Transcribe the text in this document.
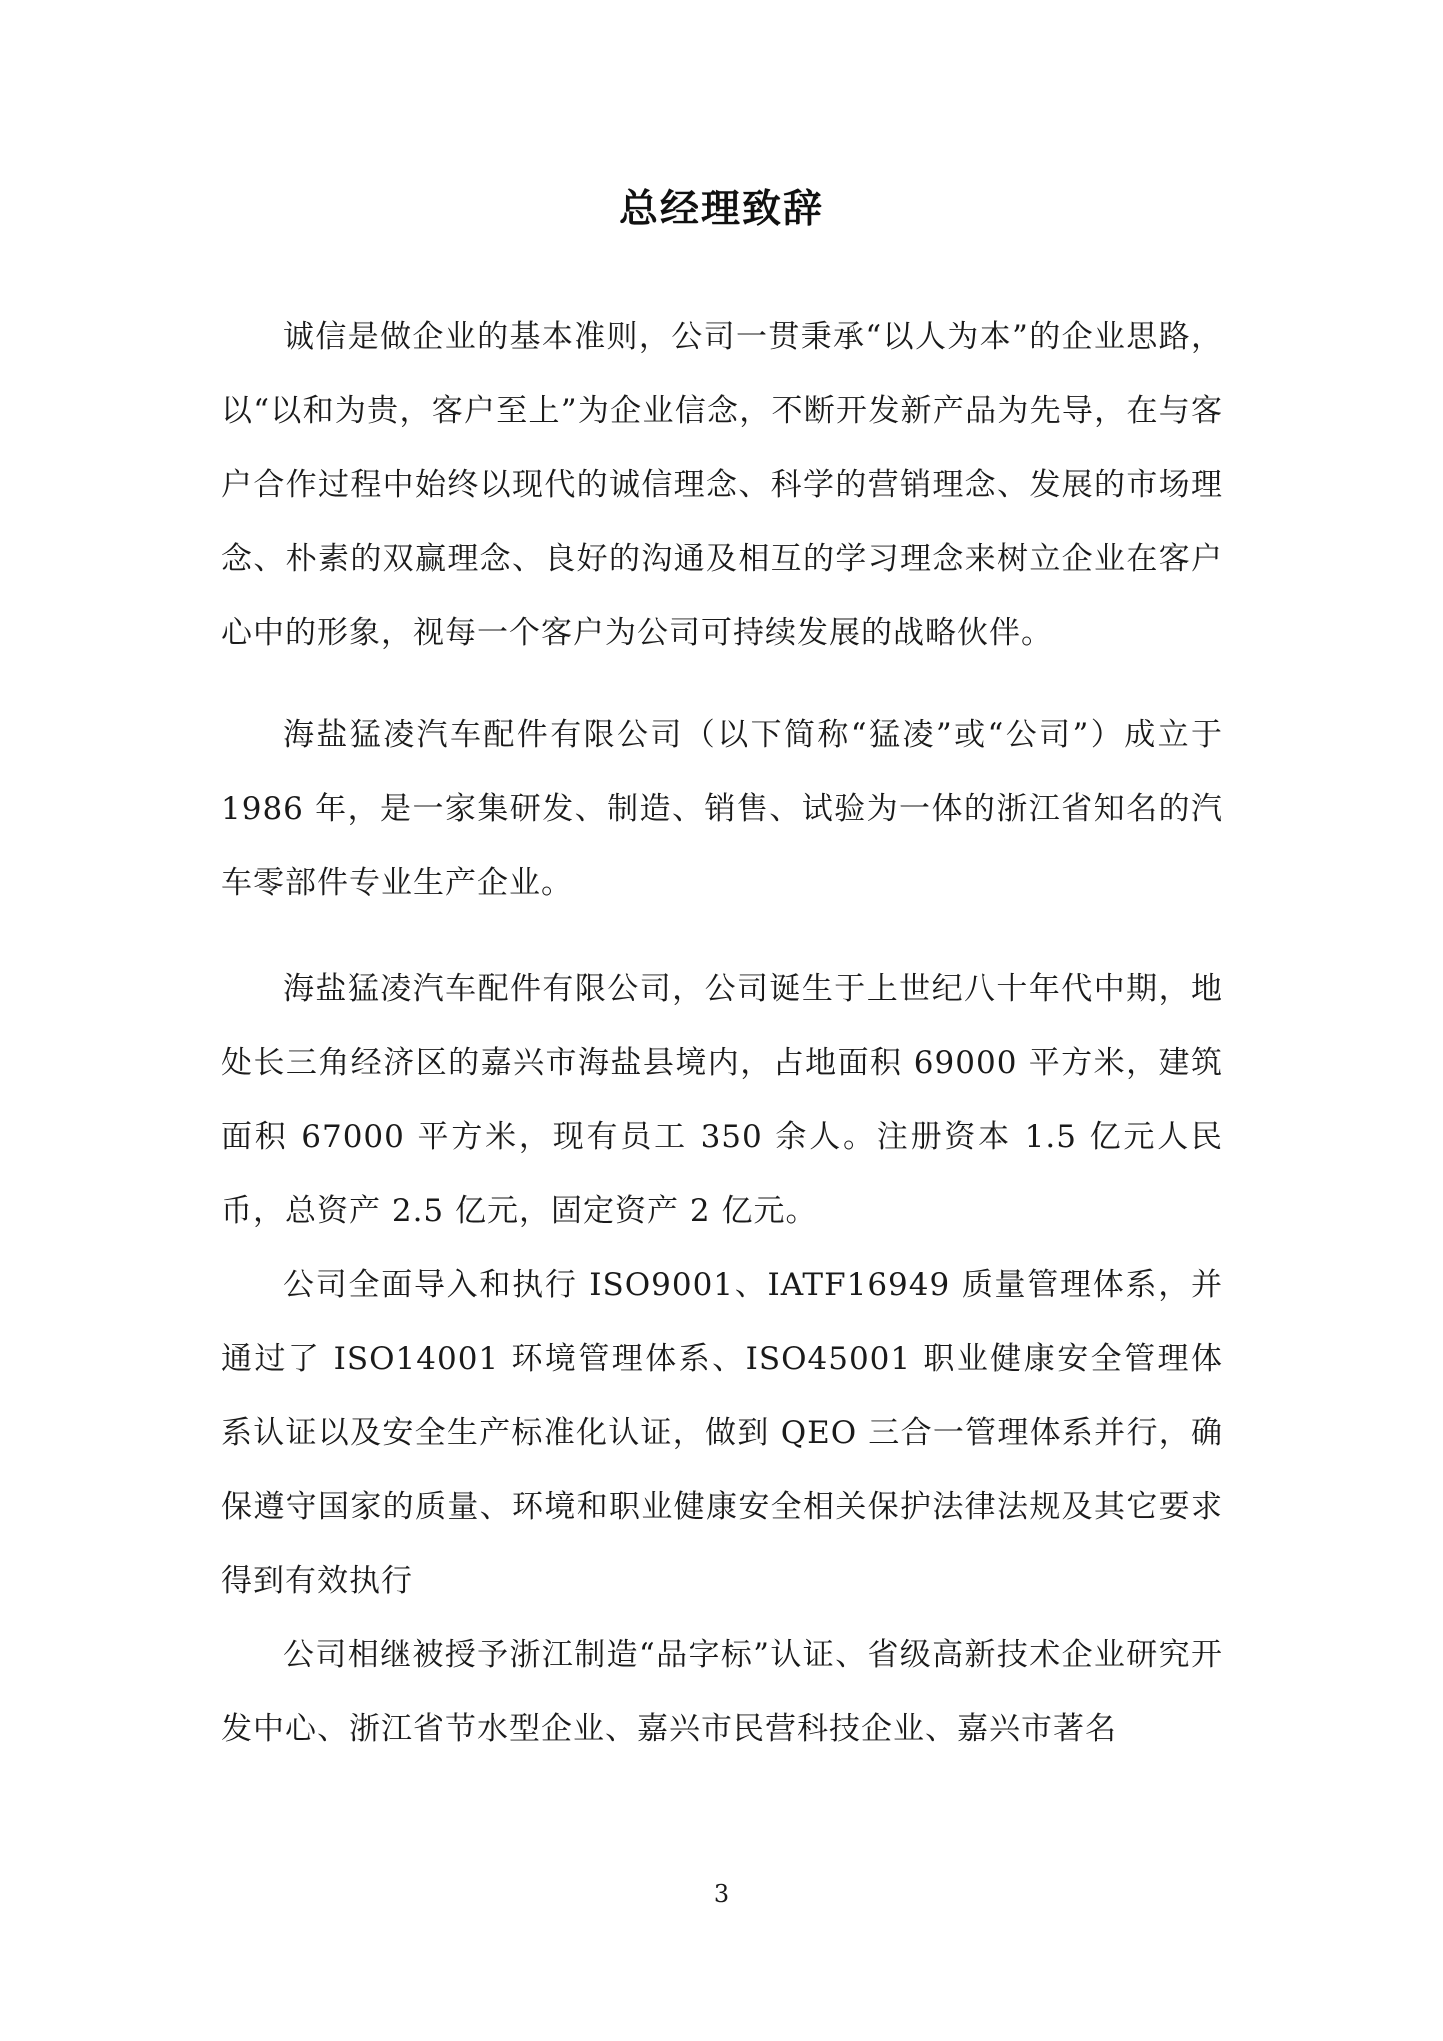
总经理致辞

诚信是做企业的基本准则，公司一贯秉承“以人为本”的企业思路，以“以和为贵，客户至上”为企业信念，不断开发新产品为先导，在与客户合作过程中始终以现代的诚信理念、科学的营销理念、发展的市场理念、朴素的双赢理念、良好的沟通及相互的学习理念来树立企业在客户心中的形象，视每一个客户为公司可持续发展的战略伙伴。

海盐猛凌汽车配件有限公司（以下简称“猛凌”或“公司”）成立于 1986 年，是一家集研发、制造、销售、试验为一体的浙江省知名的汽车零部件专业生产企业。

海盐猛凌汽车配件有限公司，公司诞生于上世纪八十年代中期，地处长三角经济区的嘉兴市海盐县境内，占地面积 69000 平方米，建筑面积 67000 平方米，现有员工 350 余人。注册资本 1.5 亿元人民币，总资产 2.5 亿元，固定资产 2 亿元。

公司全面导入和执行 ISO9001、IATF16949 质量管理体系，并通过了 ISO14001 环境管理体系、ISO45001 职业健康安全管理体系认证以及安全生产标准化认证，做到 QEO 三合一管理体系并行，确保遵守国家的质量、环境和职业健康安全相关保护法律法规及其它要求得到有效执行

公司相继被授予浙江制造“品字标”认证、省级高新技术企业研究开发中心、浙江省节水型企业、嘉兴市民营科技企业、嘉兴市著名

3
